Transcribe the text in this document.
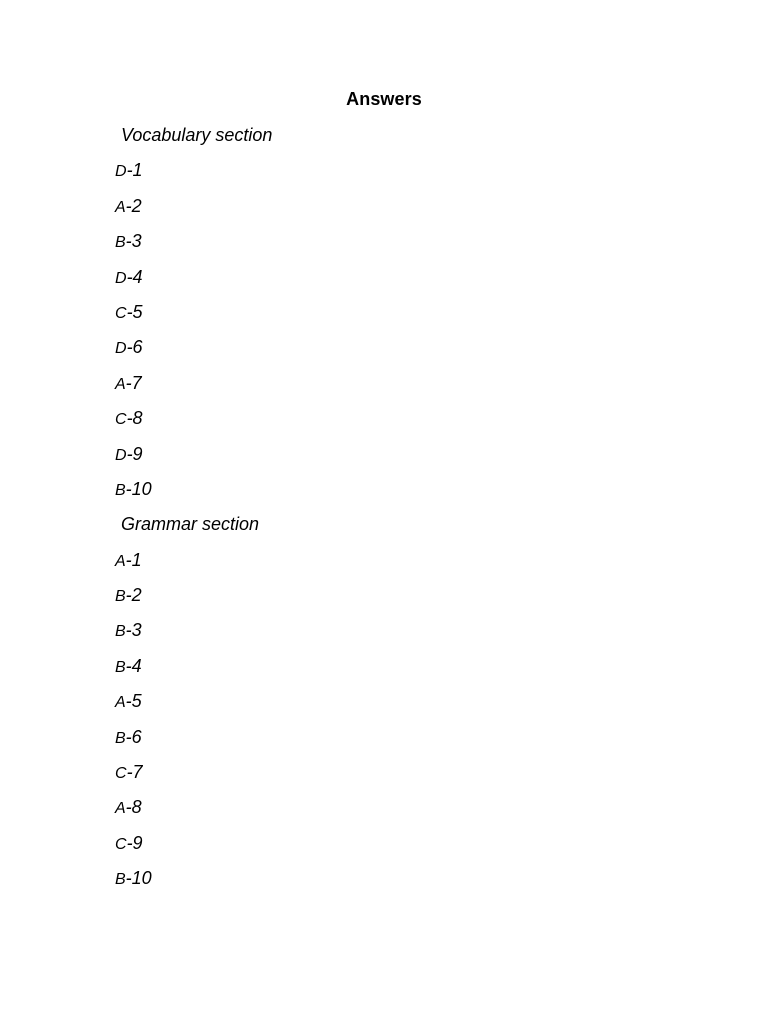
Answers
Vocabulary section
D-1
A-2
B-3
D-4
C-5
D-6
A-7
C-8
D-9
B-10
Grammar section
A-1
B-2
B-3
B-4
A-5
B-6
C-7
A-8
C-9
B-10
